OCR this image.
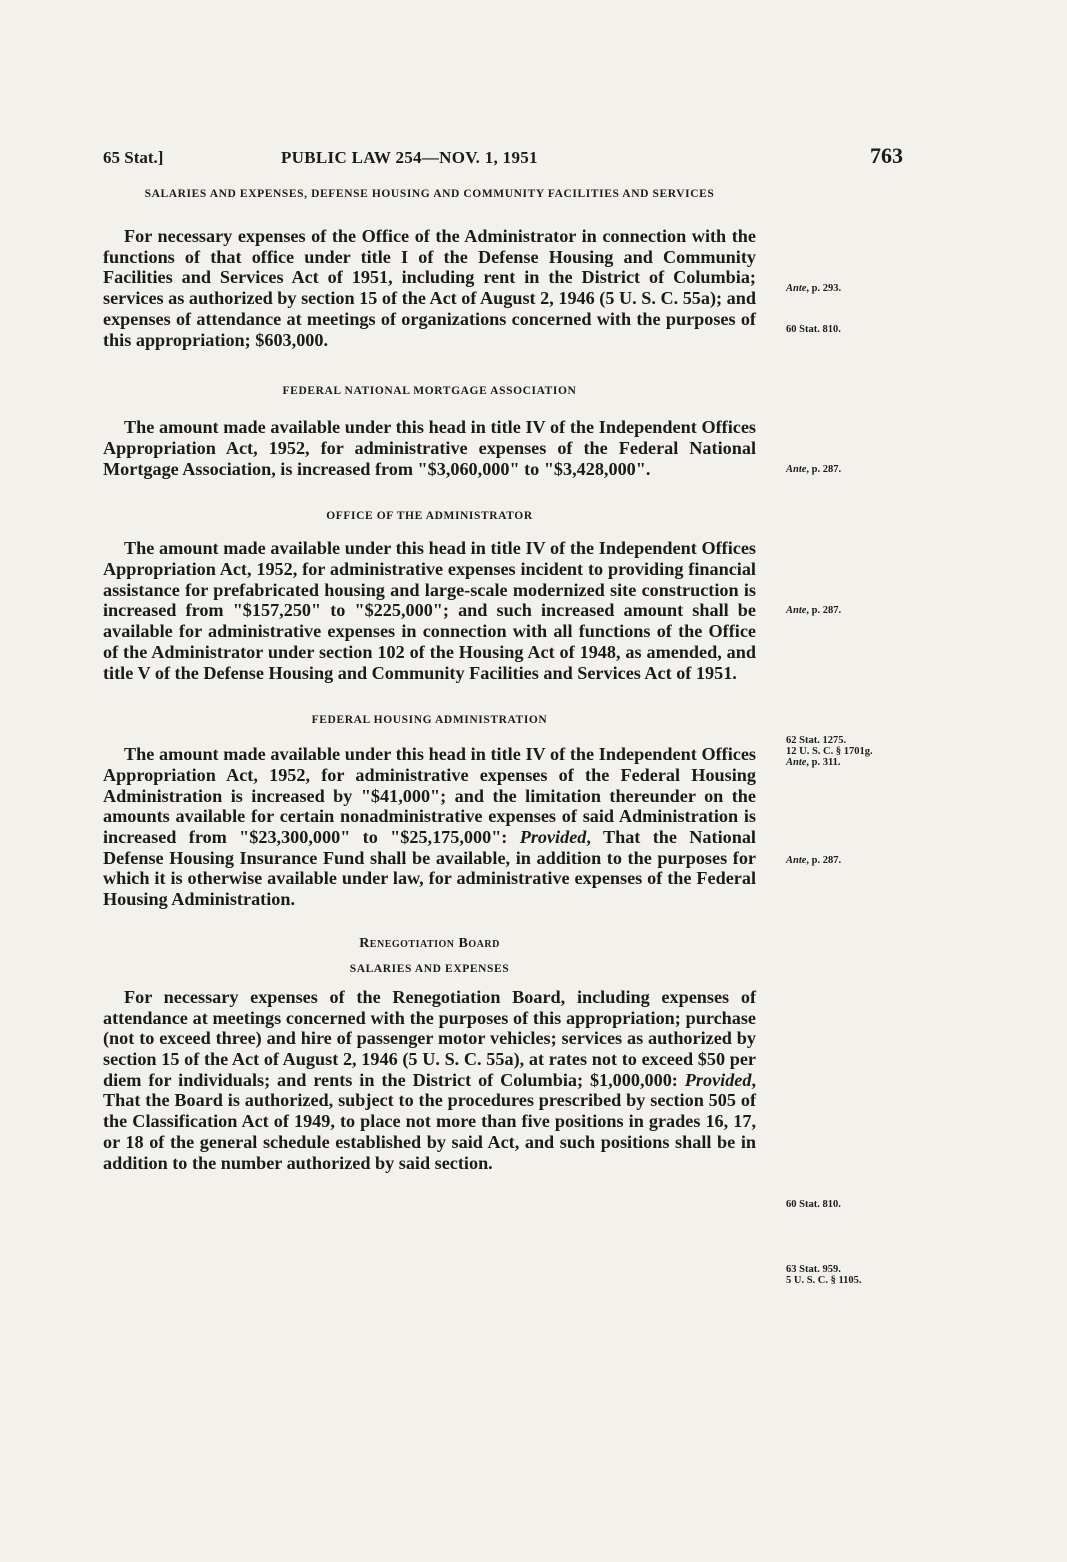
65 Stat.]	PUBLIC LAW 254—NOV. 1, 1951	763

SALARIES AND EXPENSES, DEFENSE HOUSING AND COMMUNITY FACILITIES AND SERVICES

For necessary expenses of the Office of the Administrator in connection with the functions of that office under title I of the Defense Housing and Community Facilities and Services Act of 1951, including rent in the District of Columbia; services as authorized by section 15 of the Act of August 2, 1946 (5 U. S. C. 55a); and expenses of attendance at meetings of organizations concerned with the purposes of this appropriation; $603,000.

FEDERAL NATIONAL MORTGAGE ASSOCIATION

The amount made available under this head in title IV of the Independent Offices Appropriation Act, 1952, for administrative expenses of the Federal National Mortgage Association, is increased from "$3,060,000" to "$3,428,000".

OFFICE OF THE ADMINISTRATOR

The amount made available under this head in title IV of the Independent Offices Appropriation Act, 1952, for administrative expenses incident to providing financial assistance for prefabricated housing and large-scale modernized site construction is increased from "$157,250" to "$225,000"; and such increased amount shall be available for administrative expenses in connection with all functions of the Office of the Administrator under section 102 of the Housing Act of 1948, as amended, and title V of the Defense Housing and Community Facilities and Services Act of 1951.

FEDERAL HOUSING ADMINISTRATION

The amount made available under this head in title IV of the Independent Offices Appropriation Act, 1952, for administrative expenses of the Federal Housing Administration is increased by "$41,000"; and the limitation thereunder on the amounts available for certain nonadministrative expenses of said Administration is increased from "$23,300,000" to "$25,175,000": Provided, That the National Defense Housing Insurance Fund shall be available, in addition to the purposes for which it is otherwise available under law, for administrative expenses of the Federal Housing Administration.

Renegotiation Board

SALARIES AND EXPENSES

For necessary expenses of the Renegotiation Board, including expenses of attendance at meetings concerned with the purposes of this appropriation; purchase (not to exceed three) and hire of passenger motor vehicles; services as authorized by section 15 of the Act of August 2, 1946 (5 U. S. C. 55a), at rates not to exceed $50 per diem for individuals; and rents in the District of Columbia; $1,000,000: Provided, That the Board is authorized, subject to the procedures prescribed by section 505 of the Classification Act of 1949, to place not more than five positions in grades 16, 17, or 18 of the general schedule established by said Act, and such positions shall be in addition to the number authorized by said section.

Ante, p. 293.
60 Stat. 810.
Ante, p. 287.
Ante, p. 287.
62 Stat. 1275.
12 U. S. C. § 1701g.
Ante, p. 311.
Ante, p. 287.
60 Stat. 810.
63 Stat. 959.
5 U. S. C. § 1105.
